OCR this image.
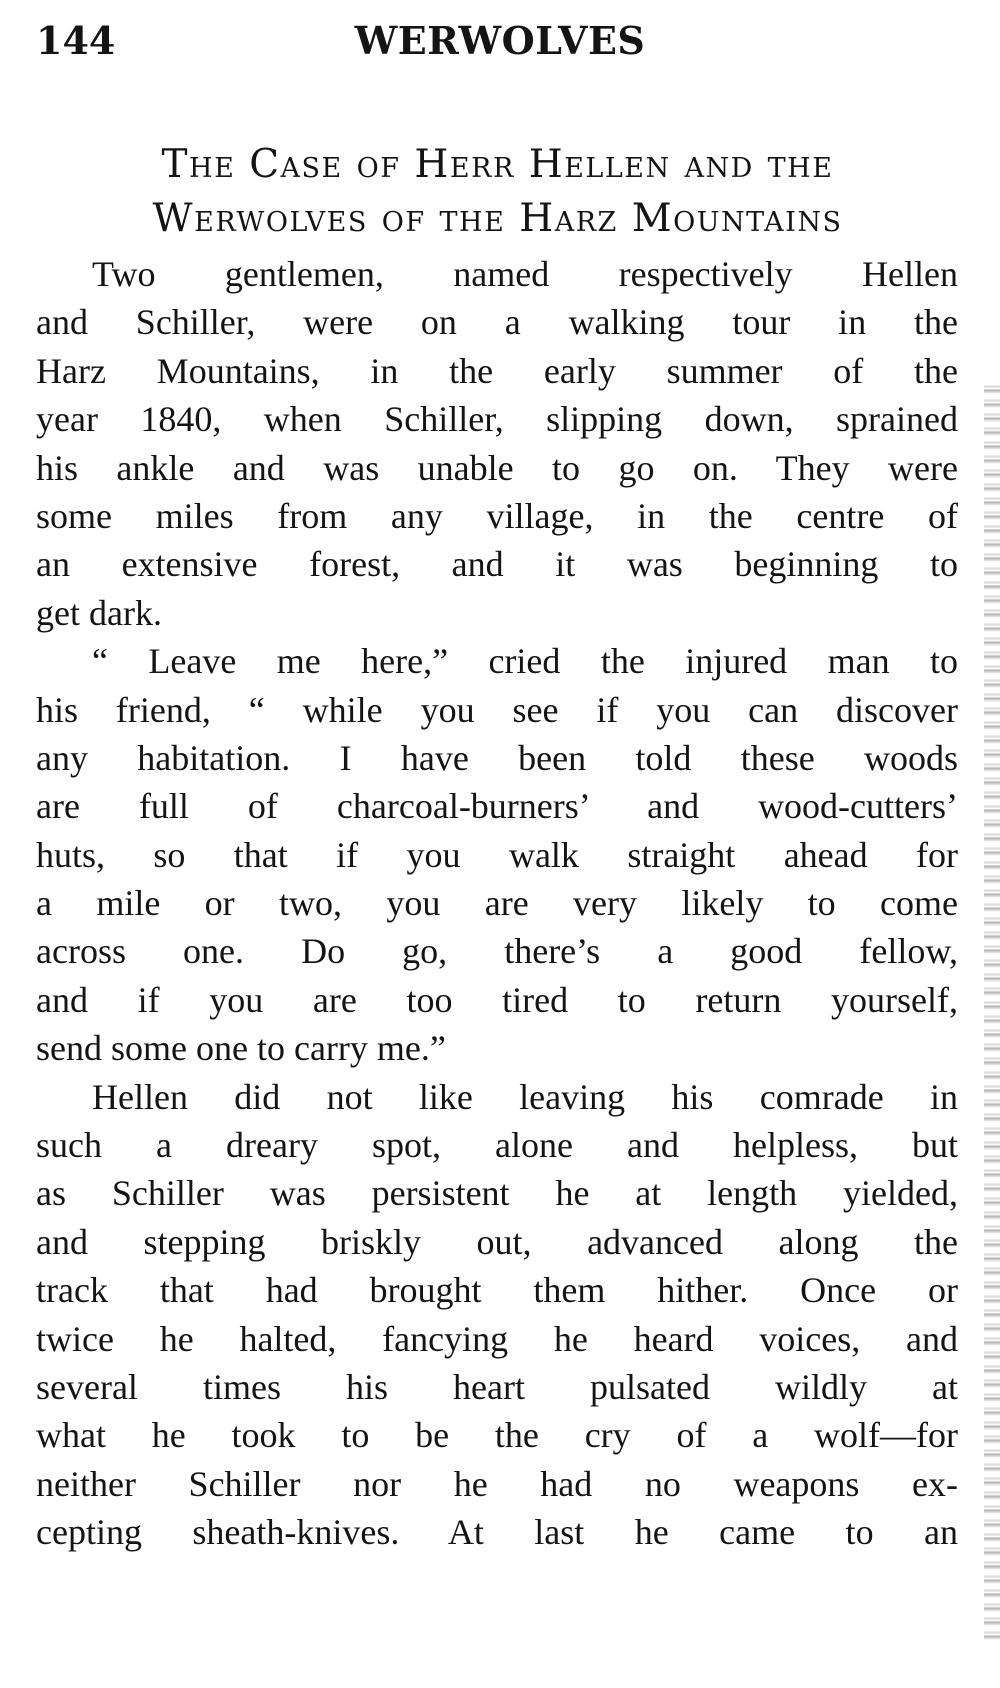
144	WERWOLVES
The Case of Herr Hellen and the
Werwolves of the Harz Mountains
Two gentlemen, named respectively Hellen
and Schiller, were on a walking tour in the
Harz Mountains, in the early summer of the
year 1840, when Schiller, slipping down, sprained
his ankle and was unable to go on. They were
some miles from any village, in the centre of
an extensive forest, and it was beginning to
get dark.
“ Leave me here,” cried the injured man to
his friend, “ while you see if you can discover
any habitation. I have been told these woods
are full of charcoal-burners’ and wood-cutters’
huts, so that if you walk straight ahead for
a mile or two, you are very likely to come
across one. Do go, there’s a good fellow,
and if you are too tired to return yourself,
send some one to carry me.”
Hellen did not like leaving his comrade in
such a dreary spot, alone and helpless, but
as Schiller was persistent he at length yielded,
and stepping briskly out, advanced along the
track that had brought them hither. Once or
twice he halted, fancying he heard voices, and
several times his heart pulsated wildly at
what he took to be the cry of a wolf—for
neither Schiller nor he had no weapons ex-
cepting sheath-knives. At last he came to an
